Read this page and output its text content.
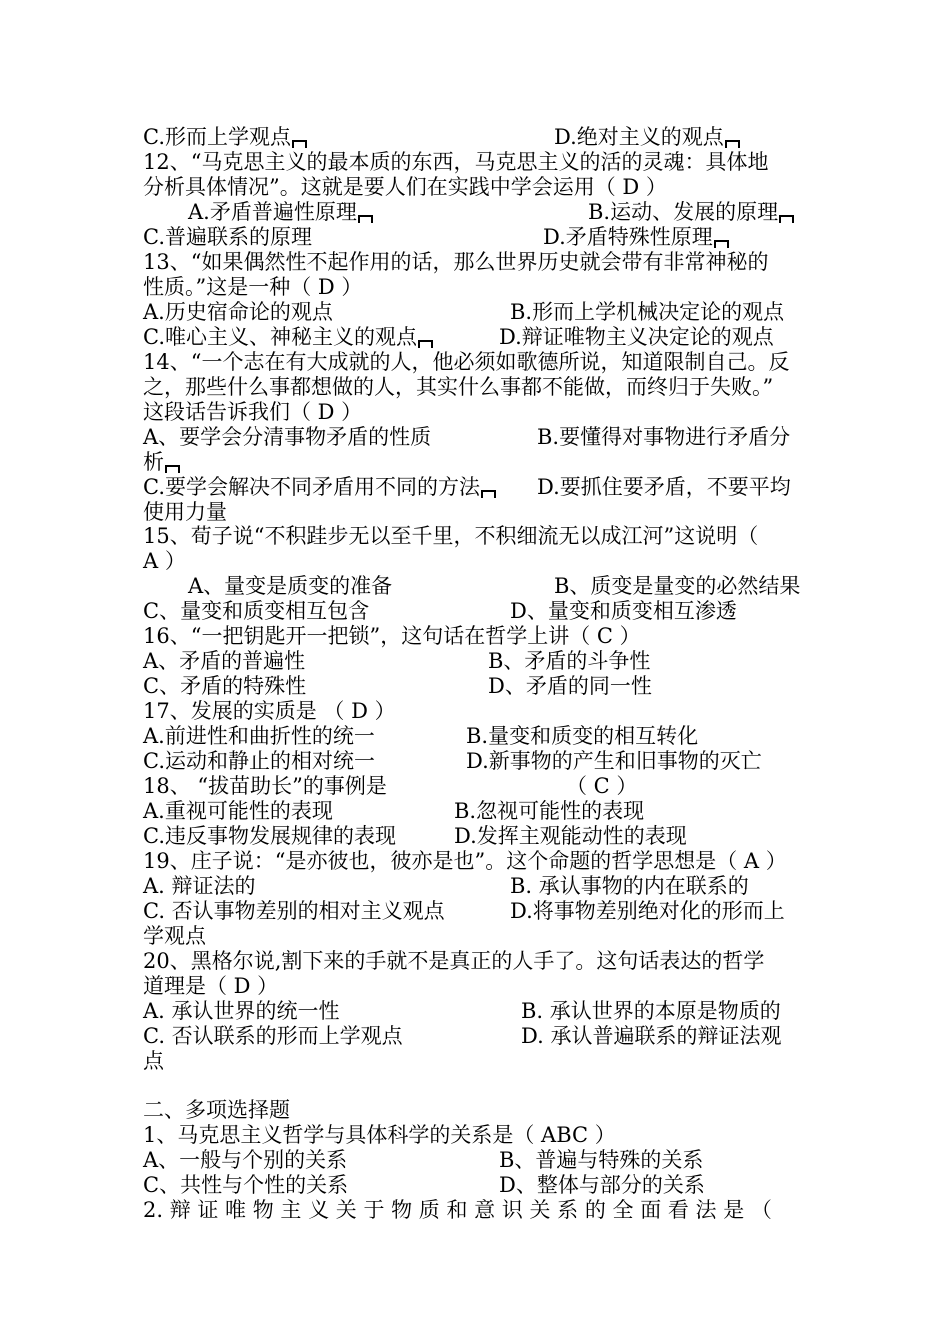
C.形而上学观点	D.绝对主义的观点
12、“马克思主义的最本质的东西，马克思主义的活的灵魂：具体地
分析具体情况”。这就是要人们在实践中学会运用（ D ）
A.矛盾普遍性原理	B.运动、发展的原理
C.普遍联系的原理	D.矛盾特殊性原理
13、“如果偶然性不起作用的话，那么世界历史就会带有非常神秘的
性质。”这是一种（ D ）
A.历史宿命论的观点	B.形而上学机械决定论的观点
C.唯心主义、神秘主义的观点	D.辩证唯物主义决定论的观点
14、“一个志在有大成就的人，他必须如歌德所说，知道限制自己。反
之，那些什么事都想做的人，其实什么事都不能做，而终归于失败。”
这段话告诉我们（ D ）
A、要学会分清事物矛盾的性质	B.要懂得对事物进行矛盾分
析
C.要学会解决不同矛盾用不同的方法	D.要抓住要矛盾，不要平均
使用力量
15、荀子说“不积跬步无以至千里，不积细流无以成江河”这说明（
A ）
A、量变是质变的准备	B、质变是量变的必然结果
C、量变和质变相互包含	D、量变和质变相互渗透
16、“一把钥匙开一把锁”，这句话在哲学上讲（ C ）
A、矛盾的普遍性	B、矛盾的斗争性
C、矛盾的特殊性	D、矛盾的同一性
17、发展的实质是 （ D ）
A.前进性和曲折性的统一	B.量变和质变的相互转化
C.运动和静止的相对统一	D.新事物的产生和旧事物的灭亡
18、 “拔苗助长”的事例是	（ C ）
A.重视可能性的表现	B.忽视可能性的表现
C.违反事物发展规律的表现	D.发挥主观能动性的表现
19、庄子说：“是亦彼也，彼亦是也”。这个命题的哲学思想是（ A ）
A. 辩证法的	B. 承认事物的内在联系的
C. 否认事物差别的相对主义观点	D.将事物差别绝对化的形而上
学观点
20、黑格尔说,割下来的手就不是真正的人手了。这句话表达的哲学
道理是（ D ）
A. 承认世界的统一性	B. 承认世界的本原是物质的
C. 否认联系的形而上学观点	D. 承认普遍联系的辩证法观
点
二、多项选择题
1、马克思主义哲学与具体科学的关系是（ ABC ）
A、一般与个别的关系	B、普遍与特殊的关系
C、共性与个性的关系	D、整体与部分的关系
2. 辩 证 唯 物 主 义 关 于 物 质 和 意 识 关 系 的 全 面 看 法 是 （
